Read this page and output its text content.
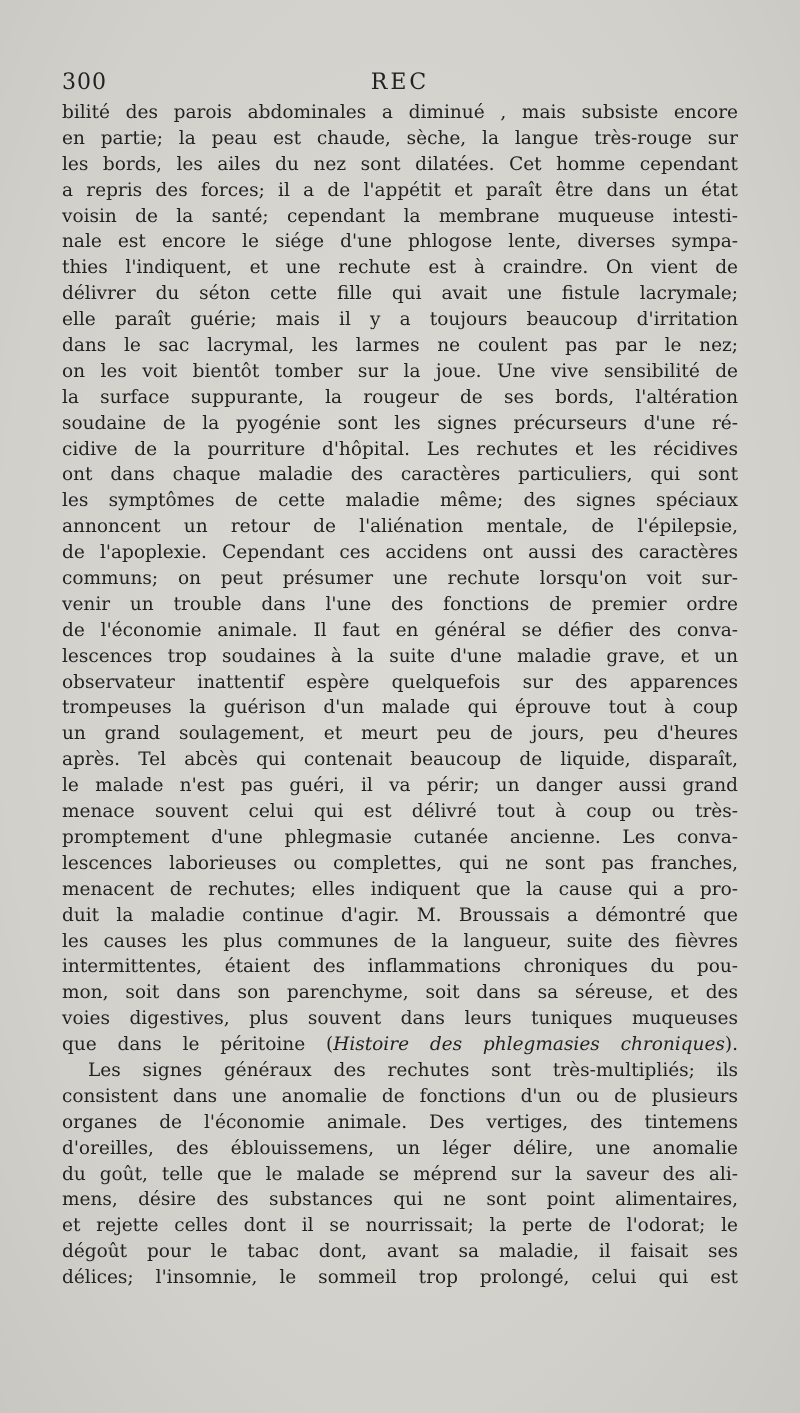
300	REC
bilité des parois abdominales a diminué , mais subsiste encore
en partie; la peau est chaude, sèche, la langue très-rouge sur
les bords, les ailes du nez sont dilatées. Cet homme cependant
a repris des forces; il a de l'appétit et paraît être dans un état
voisin de la santé; cependant la membrane muqueuse intesti-
nale est encore le siége d'une phlogose lente, diverses sympa-
thies l'indiquent, et une rechute est à craindre. On vient de
délivrer du séton cette fille qui avait une fistule lacrymale;
elle paraît guérie; mais il y a toujours beaucoup d'irritation
dans le sac lacrymal, les larmes ne coulent pas par le nez;
on les voit bientôt tomber sur la joue. Une vive sensibilité de
la surface suppurante, la rougeur de ses bords, l'altération
soudaine de la pyogénie sont les signes précurseurs d'une ré-
cidive de la pourriture d'hôpital. Les rechutes et les récidives
ont dans chaque maladie des caractères particuliers, qui sont
les symptômes de cette maladie même; des signes spéciaux
annoncent un retour de l'aliénation mentale, de l'épilepsie,
de l'apoplexie. Cependant ces accidens ont aussi des caractères
communs; on peut présumer une rechute lorsqu'on voit sur-
venir un trouble dans l'une des fonctions de premier ordre
de l'économie animale. Il faut en général se défier des conva-
lescences trop soudaines à la suite d'une maladie grave, et un
observateur inattentif espère quelquefois sur des apparences
trompeuses la guérison d'un malade qui éprouve tout à coup
un grand soulagement, et meurt peu de jours, peu d'heures
après. Tel abcès qui contenait beaucoup de liquide, disparaît,
le malade n'est pas guéri, il va périr; un danger aussi grand
menace souvent celui qui est délivré tout à coup ou très-
promptement d'une phlegmasie cutanée ancienne. Les conva-
lescences laborieuses ou complettes, qui ne sont pas franches,
menacent de rechutes; elles indiquent que la cause qui a pro-
duit la maladie continue d'agir. M. Broussais a démontré que
les causes les plus communes de la langueur, suite des fièvres
intermittentes, étaient des inflammations chroniques du pou-
mon, soit dans son parenchyme, soit dans sa séreuse, et des
voies digestives, plus souvent dans leurs tuniques muqueuses
que dans le péritoine (Histoire des phlegmasies chroniques).
Les signes généraux des rechutes sont très-multipliés; ils
consistent dans une anomalie de fonctions d'un ou de plusieurs
organes de l'économie animale. Des vertiges, des tintemens
d'oreilles, des éblouissemens, un léger délire, une anomalie
du goût, telle que le malade se méprend sur la saveur des ali-
mens, désire des substances qui ne sont point alimentaires,
et rejette celles dont il se nourrissait; la perte de l'odorat; le
dégoût pour le tabac dont, avant sa maladie, il faisait ses
délices; l'insomnie, le sommeil trop prolongé, celui qui est
